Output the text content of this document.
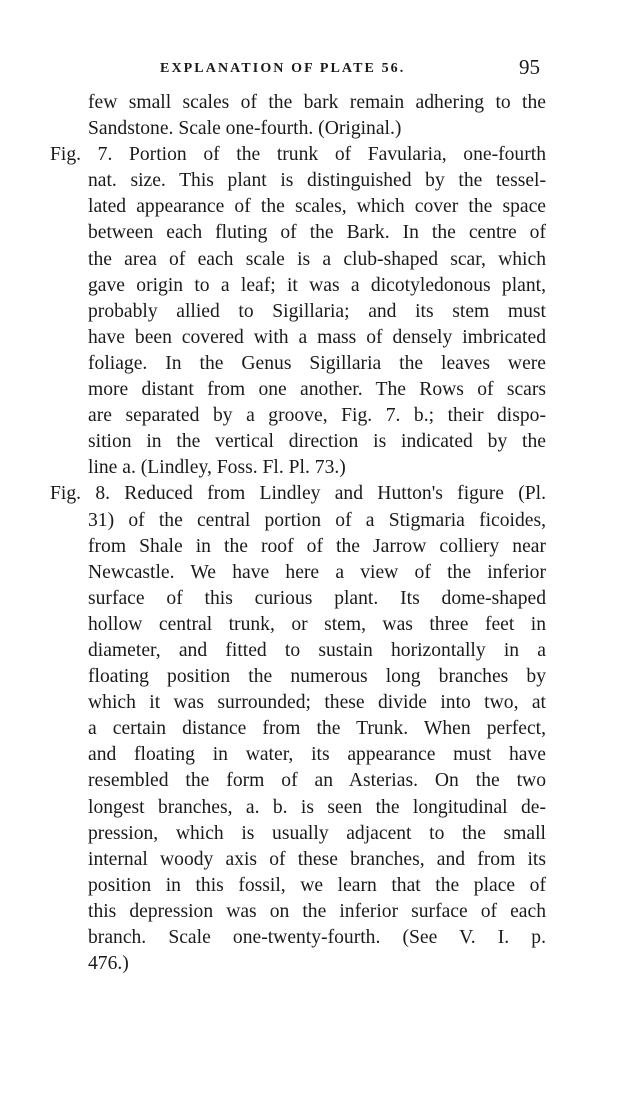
EXPLANATION OF PLATE 56.	95
few small scales of the bark remain adhering to the
Sandstone. Scale one-fourth. (Original.)
Fig. 7. Portion of the trunk of Favularia, one-fourth
nat. size. This plant is distinguished by the tessel-
lated appearance of the scales, which cover the space
between each fluting of the Bark. In the centre of
the area of each scale is a club-shaped scar, which
gave origin to a leaf; it was a dicotyledonous plant,
probably allied to Sigillaria; and its stem must
have been covered with a mass of densely imbricated
foliage. In the Genus Sigillaria the leaves were
more distant from one another. The Rows of scars
are separated by a groove, Fig. 7. b.; their dispo-
sition in the vertical direction is indicated by the
line a. (Lindley, Foss. Fl. Pl. 73.)
Fig. 8. Reduced from Lindley and Hutton's figure (Pl.
31) of the central portion of a Stigmaria ficoides,
from Shale in the roof of the Jarrow colliery near
Newcastle. We have here a view of the inferior
surface of this curious plant. Its dome-shaped
hollow central trunk, or stem, was three feet in
diameter, and fitted to sustain horizontally in a
floating position the numerous long branches by
which it was surrounded; these divide into two, at
a certain distance from the Trunk. When perfect,
and floating in water, its appearance must have
resembled the form of an Asterias. On the two
longest branches, a. b. is seen the longitudinal de-
pression, which is usually adjacent to the small
internal woody axis of these branches, and from its
position in this fossil, we learn that the place of
this depression was on the inferior surface of each
branch. Scale one-twenty-fourth. (See V. I. p.
476.)
